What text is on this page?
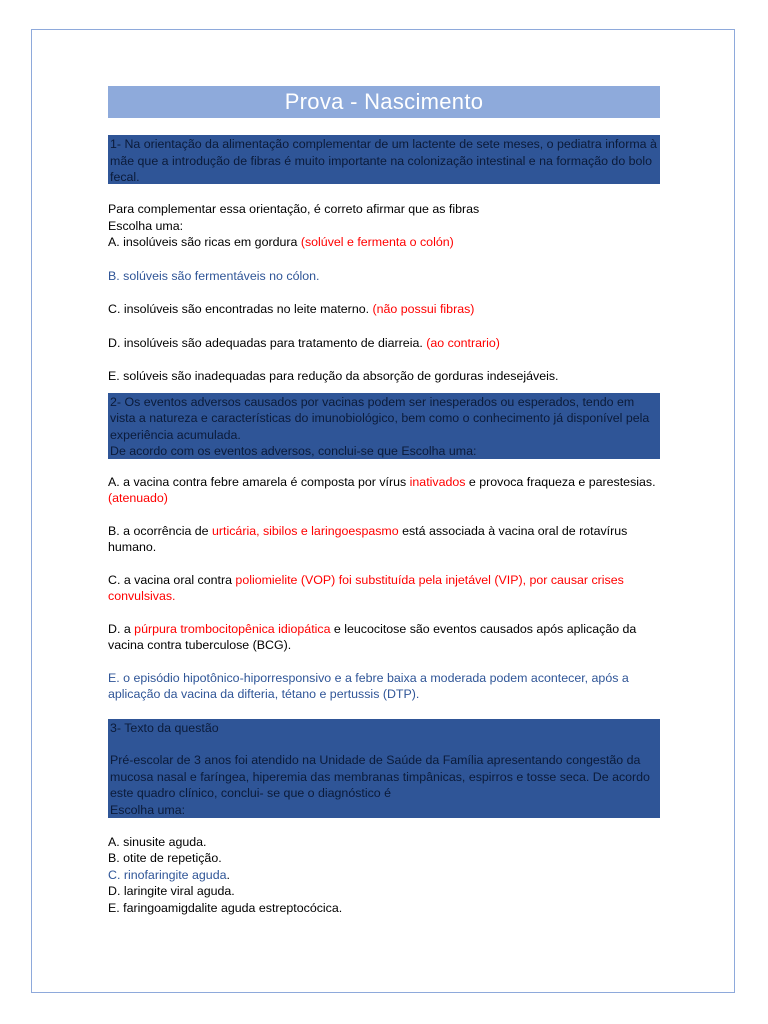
Prova - Nascimento

1- Na orientação da alimentação complementar de um lactente de sete meses, o pediatra informa à mãe que a introdução de fibras é muito importante na colonização intestinal e na formação do bolo fecal.

Para complementar essa orientação, é correto afirmar que as fibras

Escolha uma:

A. insolúveis são ricas em gordura (solúvel e fermenta o colón)

B. solúveis são fermentáveis no cólon.

C. insolúveis são encontradas no leite materno. (não possui fibras)

D. insolúveis são adequadas para tratamento de diarreia. (ao contrario)

E. solúveis são inadequadas para redução da absorção de gorduras indesejáveis.

2- Os eventos adversos causados por vacinas podem ser inesperados ou esperados, tendo em vista a natureza e características do imunobiológico, bem como o conhecimento já disponível pela experiência acumulada.

De acordo com os eventos adversos, conclui-se que Escolha uma:

A. a vacina contra febre amarela é composta por vírus inativados e provoca fraqueza e parestesias. (atenuado)

B. a ocorrência de urticária, sibilos e laringoespasmo está associada à vacina oral de rotavírus humano.

C. a vacina oral contra poliomielite (VOP) foi substituída pela injetável (VIP), por causar crises convulsivas.

D. a púrpura trombocitopênica idiopática e leucocitose são eventos causados após aplicação da vacina contra tuberculose (BCG).

E. o episódio hipotônico-hiporresponsivo e a febre baixa a moderada podem acontecer, após a aplicação da vacina da difteria, tétano e pertussis (DTP).

3- Texto da questão

Pré-escolar de 3 anos foi atendido na Unidade de Saúde da Família apresentando congestão da mucosa nasal e faríngea, hiperemia das membranas timpânicas, espirros e tosse seca. De acordo este quadro clínico, conclui- se que o diagnóstico é

Escolha uma:

A. sinusite aguda.

B. otite de repetição.

C. rinofaringite aguda.

D. laringite viral aguda.

E. faringoamigdalite aguda estreptocócica.
